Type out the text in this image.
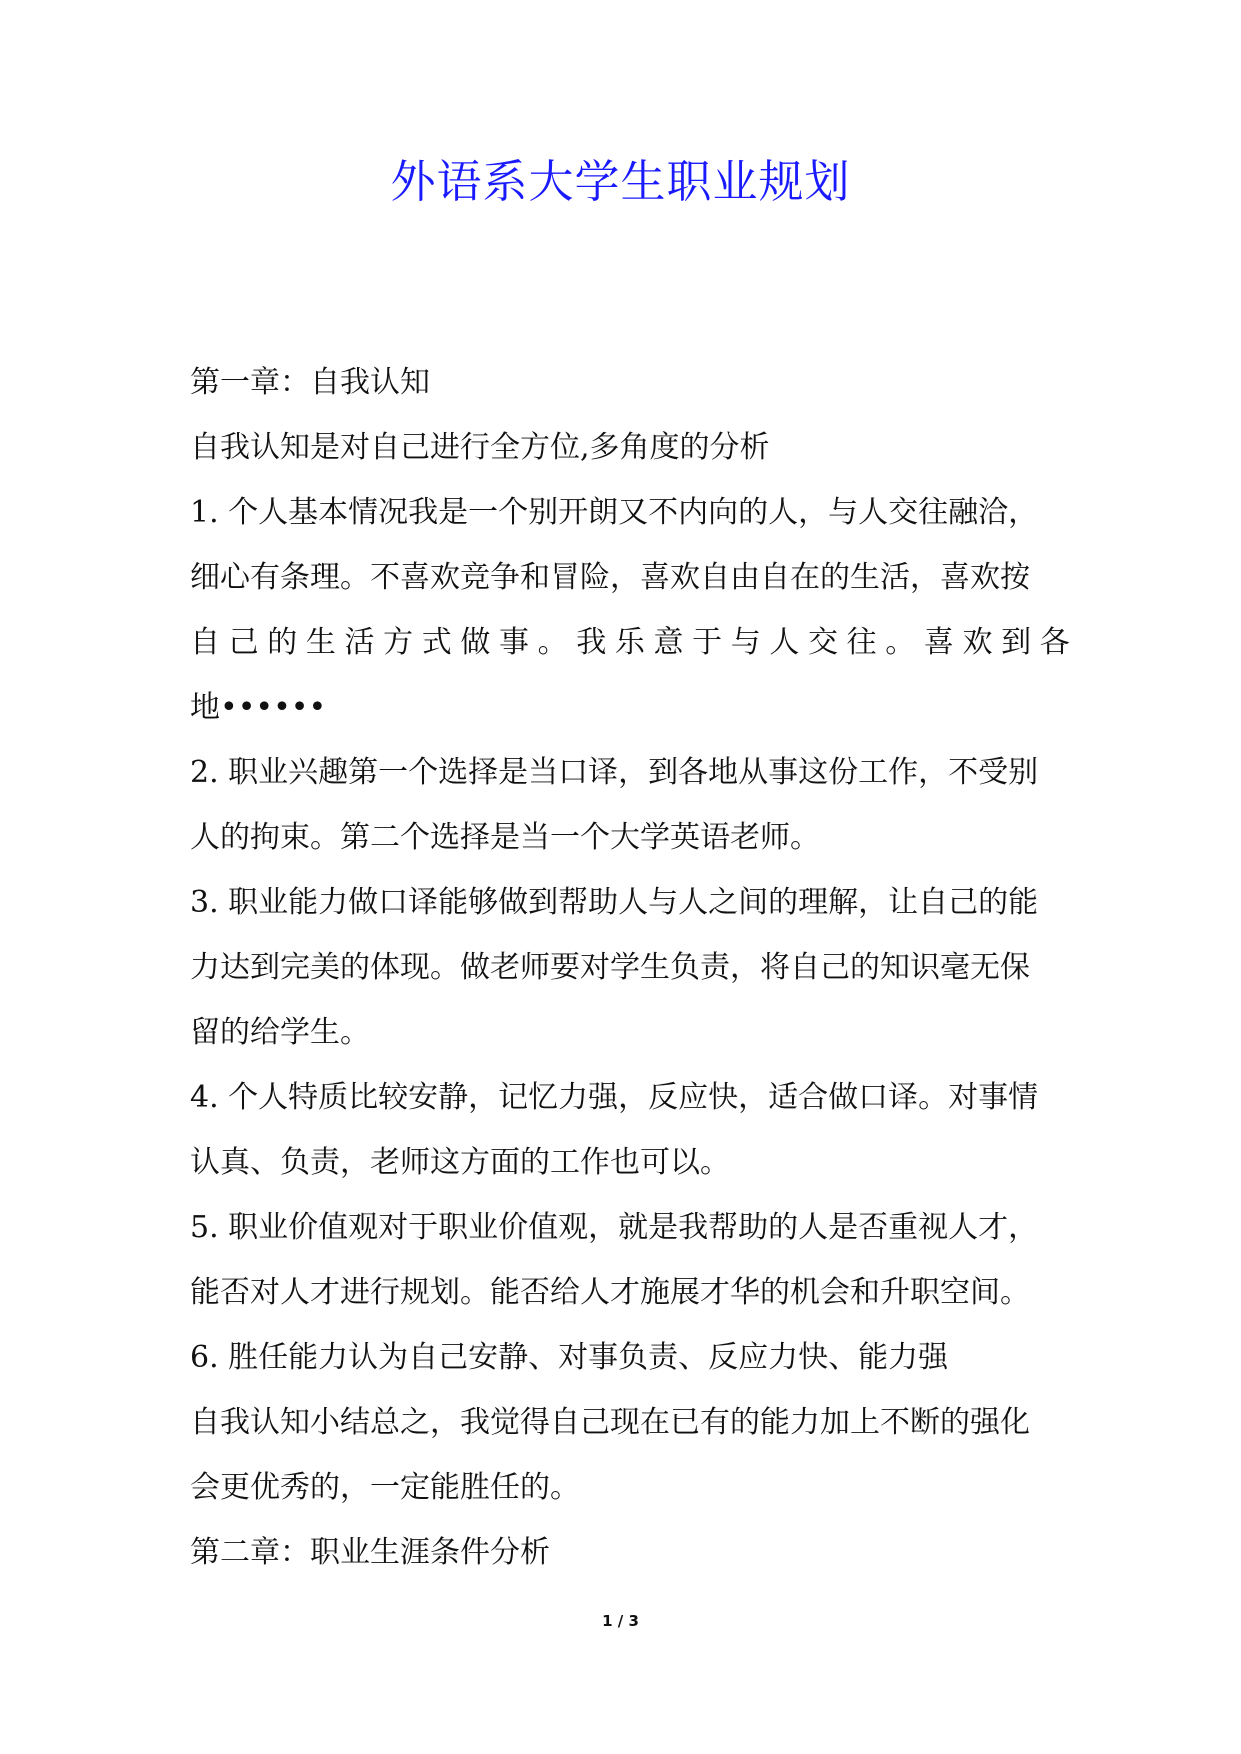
外语系大学生职业规划
第一章：自我认知
自我认知是对自己进行全方位,多角度的分析
1. 个人基本情况我是一个别开朗又不内向的人，与人交往融洽，
细心有条理。不喜欢竞争和冒险，喜欢自由自在的生活，喜欢按
自 己 的 生 活 方 式 做 事 。 我 乐 意 于 与 人 交 往 。 喜 欢 到 各
地••••••
2. 职业兴趣第一个选择是当口译，到各地从事这份工作，不受别
人的拘束。第二个选择是当一个大学英语老师。
3. 职业能力做口译能够做到帮助人与人之间的理解，让自己的能
力达到完美的体现。做老师要对学生负责，将自己的知识毫无保
留的给学生。
4. 个人特质比较安静，记忆力强，反应快，适合做口译。对事情
认真、负责，老师这方面的工作也可以。
5. 职业价值观对于职业价值观，就是我帮助的人是否重视人才，
能否对人才进行规划。能否给人才施展才华的机会和升职空间。
6. 胜任能力认为自己安静、对事负责、反应力快、能力强
自我认知小结总之，我觉得自己现在已有的能力加上不断的强化
会更优秀的，一定能胜任的。
第二章：职业生涯条件分析
1 / 3
